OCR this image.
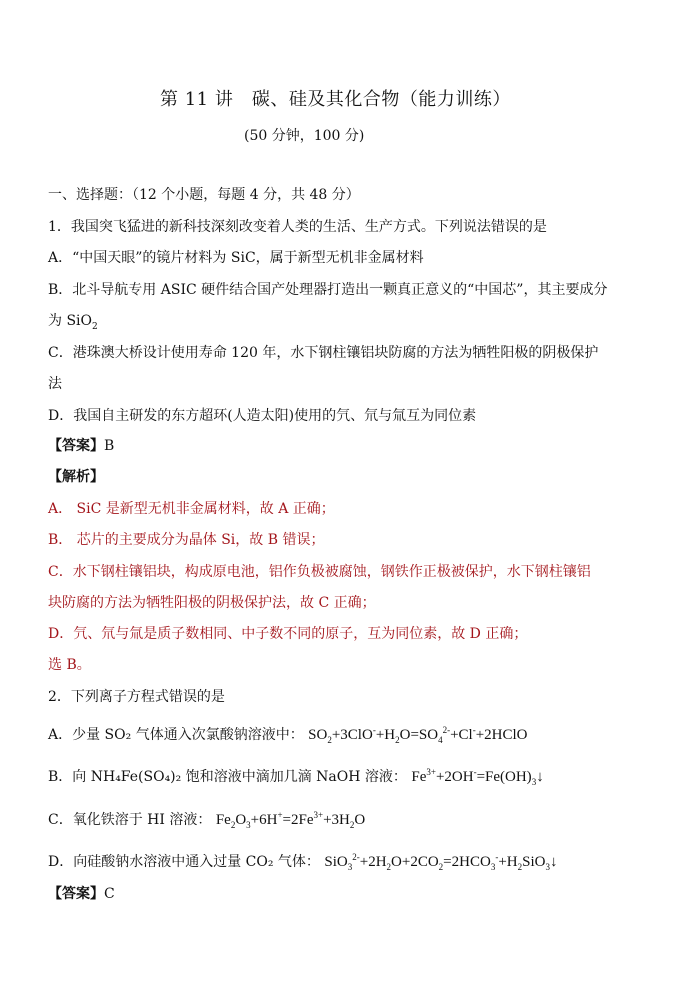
第 11 讲　碳、硅及其化合物（能力训练）
(50 分钟，100 分)
一、选择题：（12 个小题，每题 4 分，共 48 分）
1．我国突飞猛进的新科技深刻改变着人类的生活、生产方式。下列说法错误的是
A．“中国天眼”的镜片材料为 SiC，属于新型无机非金属材料
B．北斗导航专用 ASIC 硬件结合国产处理器打造出一颗真正意义的“中国芯”，其主要成分
为 SiO$_2$
C．港珠澳大桥设计使用寿命 120 年，水下钢柱镶铝块防腐的方法为牺牲阳极的阴极保护
法
D．我国自主研发的东方超环(人造太阳)使用的氕、氘与氚互为同位素
【答案】B
【解析】
A． SiC 是新型无机非金属材料，故 A 正确；
B． 芯片的主要成分为晶体 Si，故 B 错误；
C．水下钢柱镶铝块，构成原电池，铝作负极被腐蚀，钢铁作正极被保护，水下钢柱镶铝
块防腐的方法为牺牲阳极的阴极保护法，故 C 正确；
D．氕、氘与氚是质子数相同、中子数不同的原子，互为同位素，故 D 正确；
选 B。
2．下列离子方程式错误的是
A．少量 SO₂ 气体通入次氯酸钠溶液中： $SO_2+3ClO^-+H_2O=SO_4^{2-}+Cl^-+2HClO$
B．向 NH₄Fe(SO₄)₂ 饱和溶液中滴加几滴 NaOH 溶液： $Fe^{3+}+2OH^-=Fe(OH)_3↓$
C．氧化铁溶于 HI 溶液： $Fe_2O_3+6H^+=2Fe^{3+}+3H_2O$
D．向硅酸钠水溶液中通入过量 CO₂ 气体： $SiO_3^{2-}+2H_2O+2CO_2=2HCO_3^-+H_2SiO_3↓$
【答案】C
